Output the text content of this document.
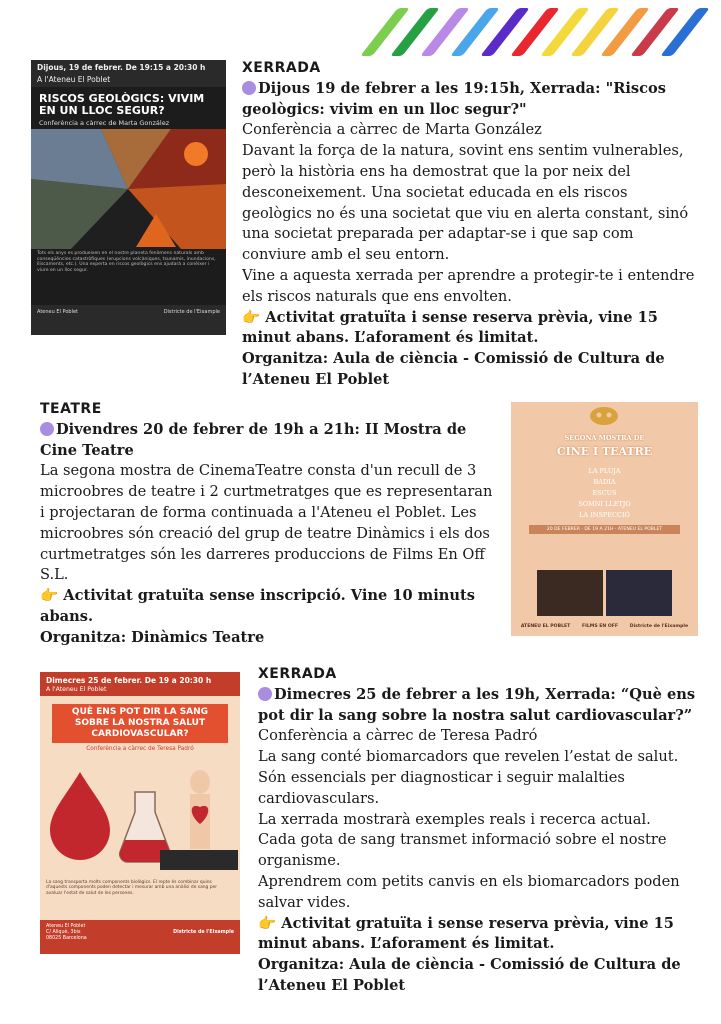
Dijous, 19 de febrer. De 19:15 a 20:30 h
A l'Ateneu El Poblet
RISCOS GEOLÒGICS: VIVIM EN UN LLOC SEGUR?
Conferència a càrrec de Marta González
Tots els anys es produeixen en el nostre planeta fenòmens naturals amb conseqüències catastròfiques (erupcions volcàniques, tsunamis, inundacions, lliscaments, etc.). Una experta en riscos geològics ens ajudarà a conèixer i viure en un lloc segur.
Ateneu El Poblet	Districte de l'Eixample

XERRADA

Dijous 19 de febrer a les 19:15h, Xerrada: "Riscos geològics: vivim en un lloc segur?"

Conferència a càrrec de Marta González

Davant la força de la natura, sovint ens sentim vulnerables, però la història ens ha demostrat que la por neix del desconeixement. Una societat educada en els riscos geològics no és una societat que viu en alerta constant, sinó una societat preparada per adaptar-se i que sap com conviure amb el seu entorn.

Vine a aquesta xerrada per aprendre a protegir-te i entendre els riscos naturals que ens envolten.

👉 Activitat gratuïta i sense reserva prèvia, vine 15 minut abans. L’aforament és limitat.

Organitza: Aula de ciència - Comissió de Cultura de l’Ateneu El Poblet

TEATRE

Divendres 20 de febrer de 19h a 21h: II Mostra de Cine Teatre

La segona mostra de CinemaTeatre consta d'un recull de 3 microobres de teatre i 2 curtmetratges que es representaran i projectaran de forma continuada a l'Ateneu el Poblet. Les microobres són creació del grup de teatre Dinàmics i els dos curtmetratges són les darreres produccions de Films En Off S.L.

👉 Activitat gratuïta sense inscripció. Vine 10 minuts abans.

Organitza: Dinàmics Teatre

SEGONA MOSTRA DE
CINE I TEATRE
LA PLUJA
BADIA
ESCUS
SOMNI LLETJO
LA INSPECCIÓ
20 DE FEBRER · DE 19 A 21H · ATENEU EL POBLET
ATENEU EL POBLET	FILMS EN OFF	Districte de l'Eixample
Dimecres 25 de febrer. De 19 a 20:30 h
A l'Ateneu El Poblet
QUÈ ENS POT DIR LA SANG SOBRE LA NOSTRA SALUT CARDIOVASCULAR?
Conferència a càrrec de Teresa Padró
La sang transporta molts components biològics. El repte és combinar quins d'aquests components poden detectar i mesurar amb una anàlisi de sang per avaluar l'estat de salut de les persones.
Ateneu El Poblet
C/ Aliquè, 3bis
08025 Barcelona
Districte de l'Eixample

XERRADA

Dimecres 25 de febrer a les 19h, Xerrada: “Què ens pot dir la sang sobre la nostra salut cardiovascular?”

Conferència a càrrec de Teresa Padró

La sang conté biomarcadors que revelen l’estat de salut.

Són essencials per diagnosticar i seguir malalties cardiovasculars.

La xerrada mostrarà exemples reals i recerca actual.

Cada gota de sang transmet informació sobre el nostre organisme.

Aprendrem com petits canvis en els biomarcadors poden salvar vides.

👉 Activitat gratuïta i sense reserva prèvia, vine 15 minut abans. L’aforament és limitat.

Organitza: Aula de ciència - Comissió de Cultura de l’Ateneu El Poblet
